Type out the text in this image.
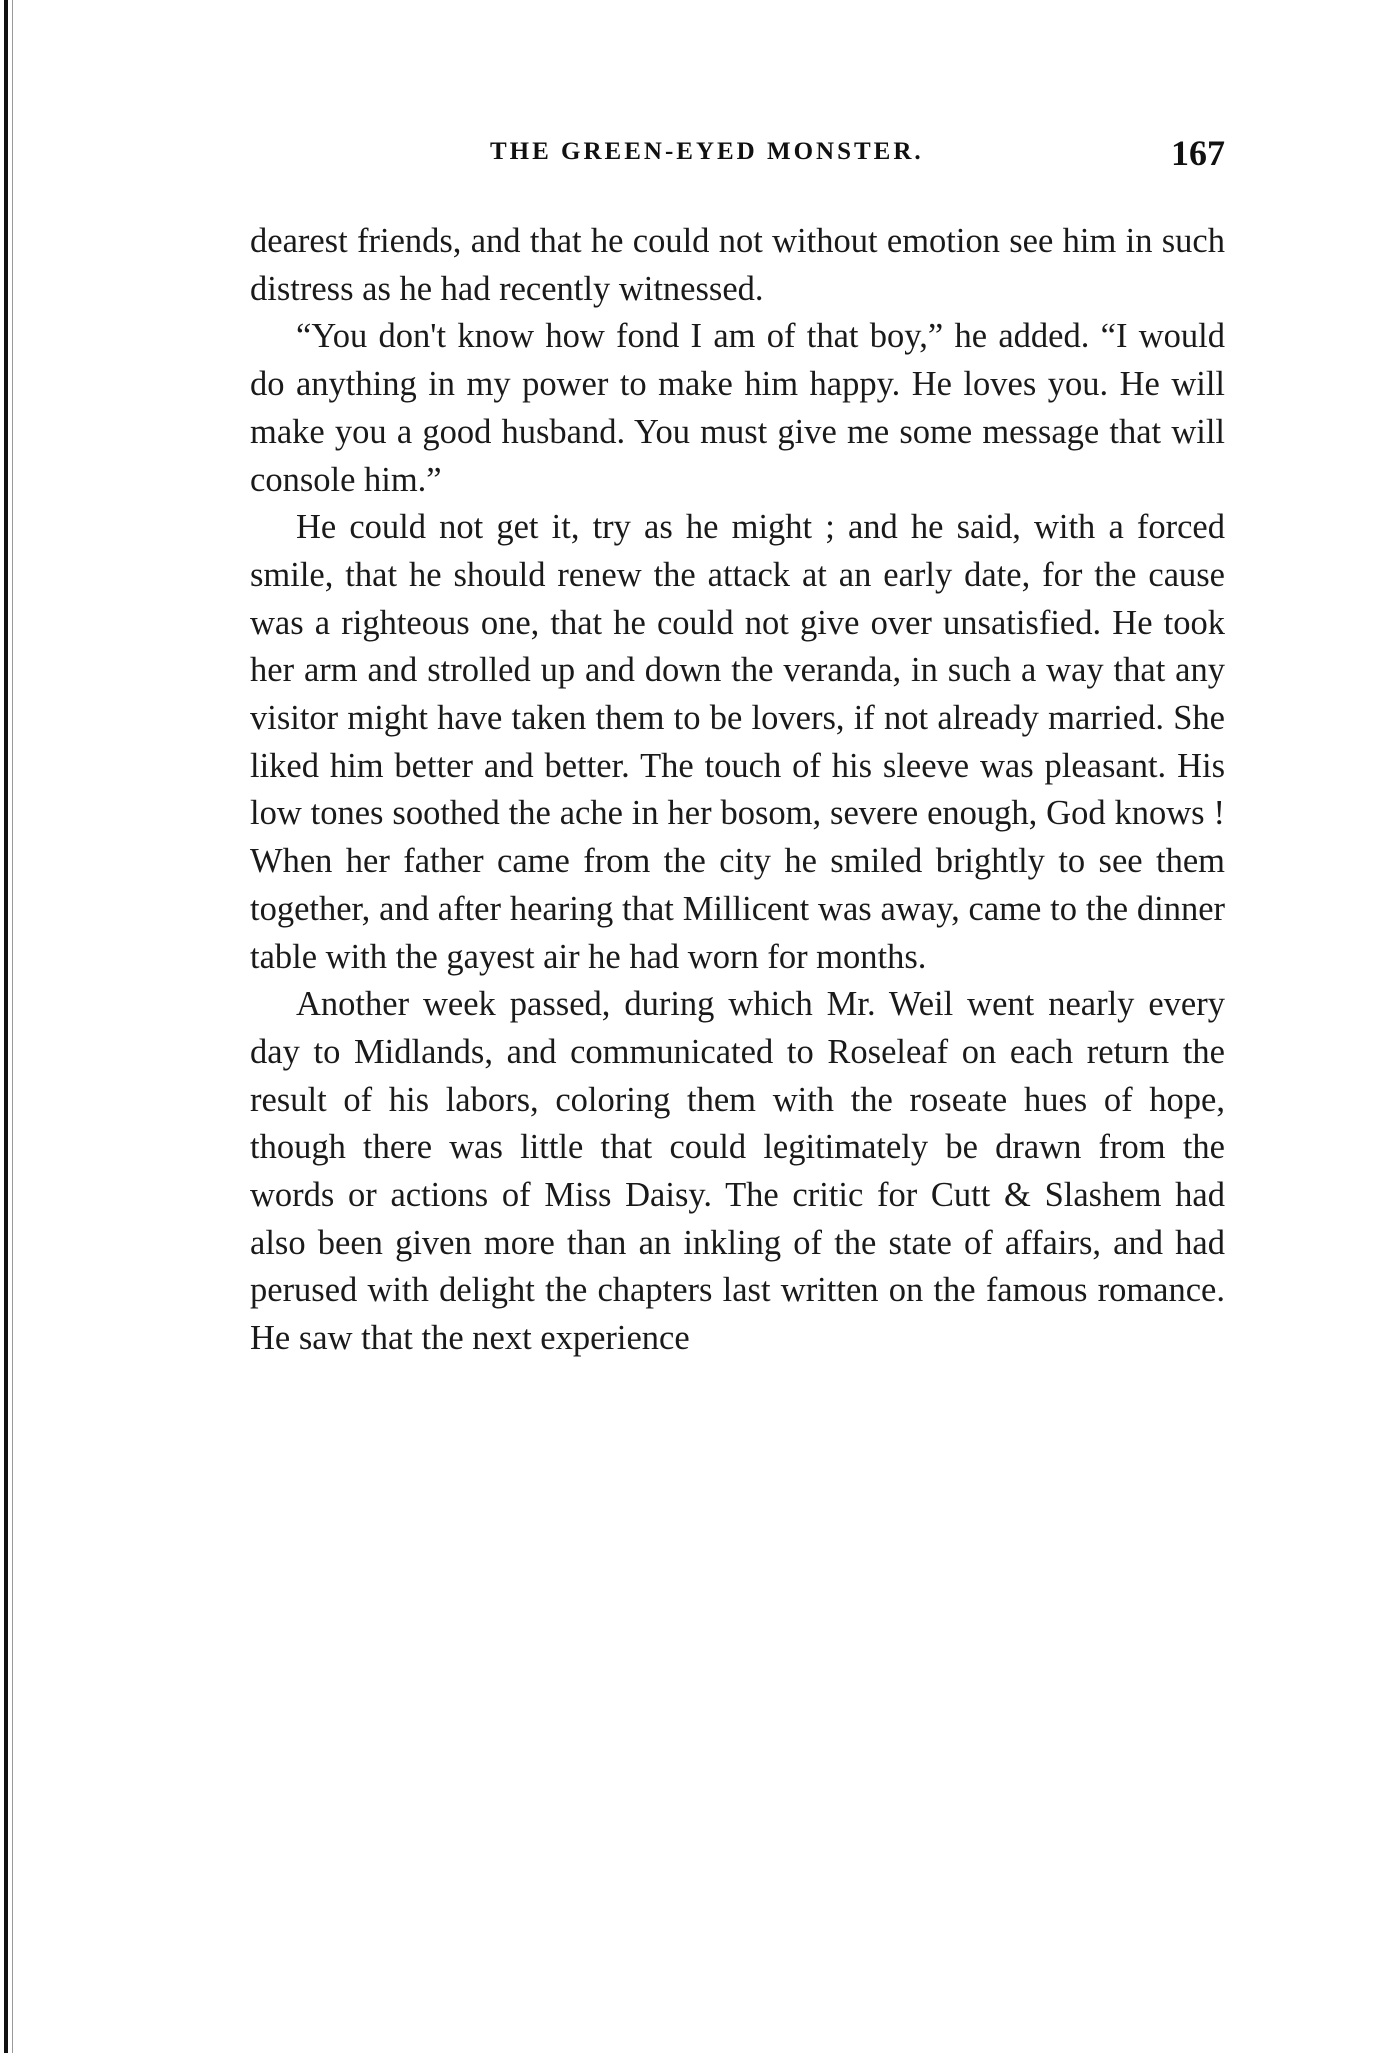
THE GREEN-EYED MONSTER.	167

dearest friends, and that he could not without emotion see him in such distress as he had recently witnessed.

“You don't know how fond I am of that boy,” he added. “I would do anything in my power to make him happy. He loves you. He will make you a good husband. You must give me some message that will console him.”

He could not get it, try as he might ; and he said, with a forced smile, that he should renew the attack at an early date, for the cause was a righteous one, that he could not give over unsatisfied. He took her arm and strolled up and down the veranda, in such a way that any visitor might have taken them to be lovers, if not already married. She liked him better and better. The touch of his sleeve was pleasant. His low tones soothed the ache in her bosom, severe enough, God knows ! When her father came from the city he smiled brightly to see them together, and after hearing that Millicent was away, came to the dinner table with the gayest air he had worn for months.

Another week passed, during which Mr. Weil went nearly every day to Midlands, and communicated to Roseleaf on each return the result of his labors, coloring them with the roseate hues of hope, though there was little that could legitimately be drawn from the words or actions of Miss Daisy. The critic for Cutt & Slashem had also been given more than an inkling of the state of affairs, and had perused with delight the chapters last written on the famous romance. He saw that the next experience
